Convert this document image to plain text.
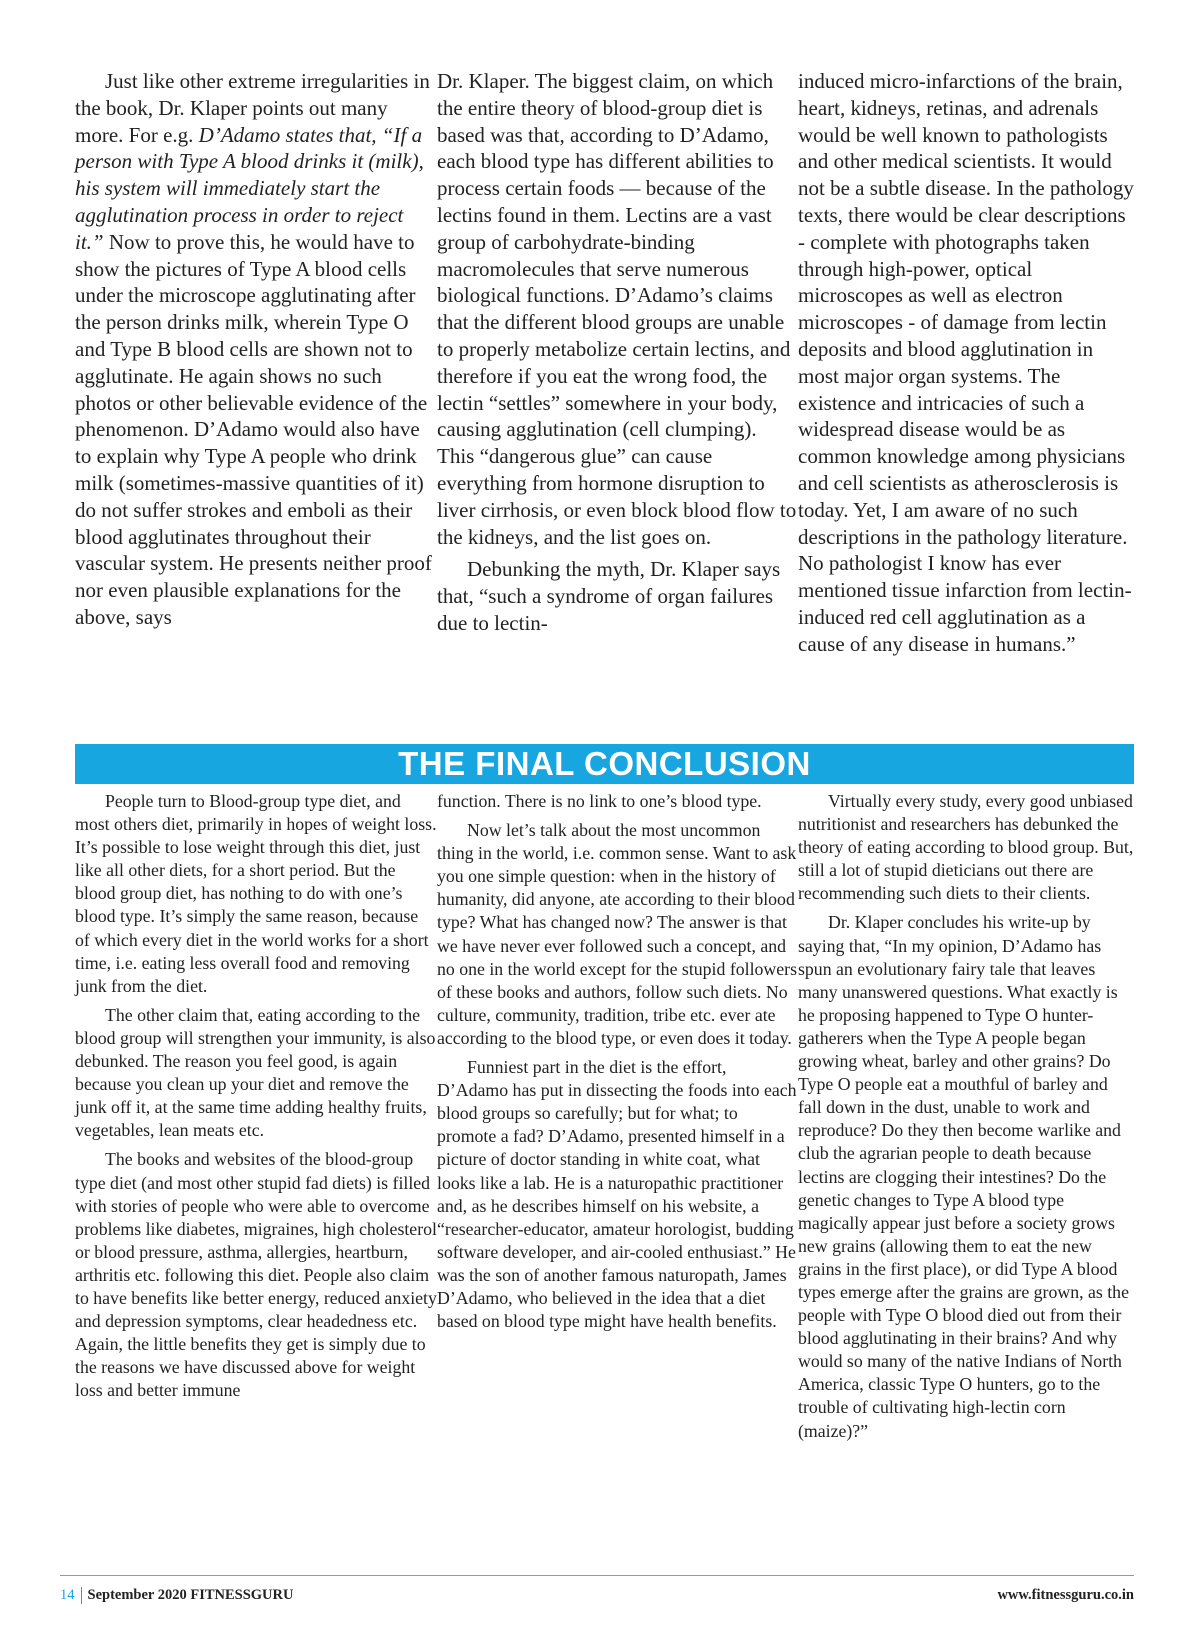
Just like other extreme irregularities in the book, Dr. Klaper points out many more. For e.g. D’Adamo states that, “If a person with Type A blood drinks it (milk), his system will immediately start the agglutination process in order to reject it.” Now to prove this, he would have to show the pictures of Type A blood cells under the microscope agglutinating after the person drinks milk, wherein Type O and Type B blood cells are shown not to agglutinate. He again shows no such photos or other believable evidence of the phenomenon. D’Adamo would also have to explain why Type A people who drink milk (sometimes-massive quantities of it) do not suffer strokes and emboli as their blood agglutinates throughout their vascular system. He presents neither proof nor even plausible explanations for the above, says

Dr. Klaper. The biggest claim, on which the entire theory of blood-group diet is based was that, according to D’Adamo, each blood type has different abilities to process certain foods — because of the lectins found in them. Lectins are a vast group of carbohydrate-binding macromolecules that serve numerous biological functions. D’Adamo’s claims that the different blood groups are unable to properly metabolize certain lectins, and therefore if you eat the wrong food, the lectin “settles” somewhere in your body, causing agglutination (cell clumping). This “dangerous glue” can cause everything from hormone disruption to liver cirrhosis, or even block blood flow to the kidneys, and the list goes on.

Debunking the myth, Dr. Klaper says that, “such a syndrome of organ failures due to lectin-

induced micro-infarctions of the brain, heart, kidneys, retinas, and adrenals would be well known to pathologists and other medical scientists. It would not be a subtle disease. In the pathology texts, there would be clear descriptions - complete with photographs taken through high-power, optical microscopes as well as electron microscopes - of damage from lectin deposits and blood agglutination in most major organ systems. The existence and intricacies of such a widespread disease would be as common knowledge among physicians and cell scientists as atherosclerosis is today. Yet, I am aware of no such descriptions in the pathology literature. No pathologist I know has ever mentioned tissue infarction from lectin-induced red cell agglutination as a cause of any disease in humans.”

THE FINAL CONCLUSION

People turn to Blood-group type diet, and most others diet, primarily in hopes of weight loss. It’s possible to lose weight through this diet, just like all other diets, for a short period. But the blood group diet, has nothing to do with one’s blood type. It’s simply the same reason, because of which every diet in the world works for a short time, i.e. eating less overall food and removing junk from the diet.

The other claim that, eating according to the blood group will strengthen your immunity, is also debunked. The reason you feel good, is again because you clean up your diet and remove the junk off it, at the same time adding healthy fruits, vegetables, lean meats etc.

The books and websites of the blood-group type diet (and most other stupid fad diets) is filled with stories of people who were able to overcome problems like diabetes, migraines, high cholesterol or blood pressure, asthma, allergies, heartburn, arthritis etc. following this diet. People also claim to have benefits like better energy, reduced anxiety and depression symptoms, clear headedness etc. Again, the little benefits they get is simply due to the reasons we have discussed above for weight loss and better immune

function. There is no link to one’s blood type.

Now let’s talk about the most uncommon thing in the world, i.e. common sense. Want to ask you one simple question: when in the history of humanity, did anyone, ate according to their blood type? What has changed now? The answer is that we have never ever followed such a concept, and no one in the world except for the stupid followers of these books and authors, follow such diets. No culture, community, tradition, tribe etc. ever ate according to the blood type, or even does it today.

Funniest part in the diet is the effort, D’Adamo has put in dissecting the foods into each blood groups so carefully; but for what; to promote a fad? D’Adamo, presented himself in a picture of doctor standing in white coat, what looks like a lab. He is a naturopathic practitioner and, as he describes himself on his website, a “researcher-educator, amateur horologist, budding software developer, and air-cooled enthusiast.” He was the son of another famous naturopath, James D’Adamo, who believed in the idea that a diet based on blood type might have health benefits.

Virtually every study, every good unbiased nutritionist and researchers has debunked the theory of eating according to blood group. But, still a lot of stupid dieticians out there are recommending such diets to their clients.

Dr. Klaper concludes his write-up by saying that, “In my opinion, D’Adamo has spun an evolutionary fairy tale that leaves many unanswered questions. What exactly is he proposing happened to Type O hunter-gatherers when the Type A people began growing wheat, barley and other grains? Do Type O people eat a mouthful of barley and fall down in the dust, unable to work and reproduce? Do they then become warlike and club the agrarian people to death because lectins are clogging their intestines? Do the genetic changes to Type A blood type magically appear just before a society grows new grains (allowing them to eat the new grains in the first place), or did Type A blood types emerge after the grains are grown, as the people with Type O blood died out from their blood agglutinating in their brains? And why would so many of the native Indians of North America, classic Type O hunters, go to the trouble of cultivating high-lectin corn (maize)?”

14 September 2020 FITNESSGURU	www.fitnessguru.co.in
